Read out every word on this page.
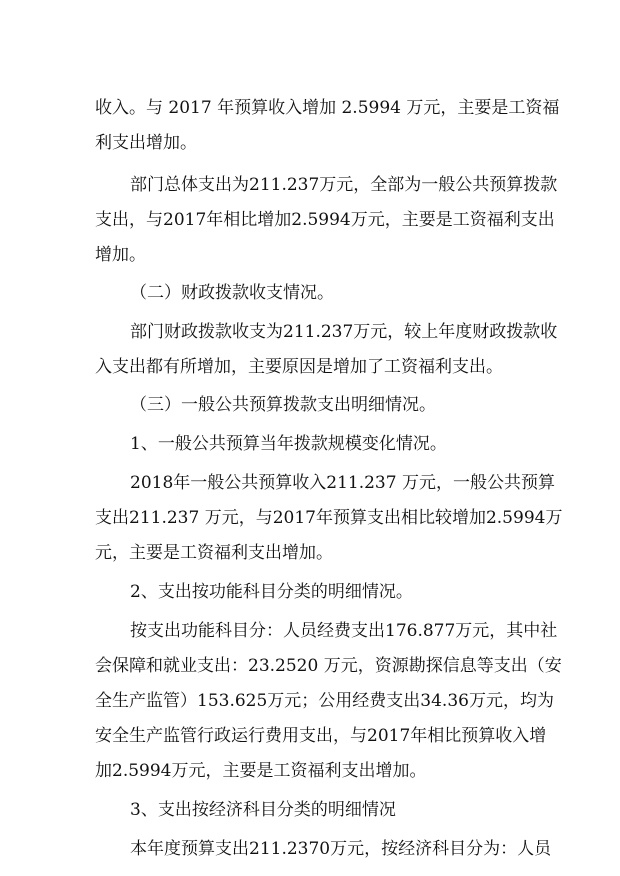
收入。与 2017 年预算收入增加 2.5994 万元，主要是工资福
利支出增加。
部门总体支出为211.237万元，全部为一般公共预算拨款
支出，与2017年相比增加2.5994万元，主要是工资福利支出
增加。
（二）财政拨款收支情况。
部门财政拨款收支为211.237万元，较上年度财政拨款收
入支出都有所增加，主要原因是增加了工资福利支出。
（三）一般公共预算拨款支出明细情况。
1、一般公共预算当年拨款规模变化情况。
2018年一般公共预算收入211.237 万元，一般公共预算
支出211.237 万元，与2017年预算支出相比较增加2.5994万
元，主要是工资福利支出增加。
2、支出按功能科目分类的明细情况。
按支出功能科目分：人员经费支出176.877万元，其中社
会保障和就业支出：23.2520 万元，资源勘探信息等支出（安
全生产监管）153.625万元；公用经费支出34.36万元，均为
安全生产监管行政运行费用支出，与2017年相比预算收入增
加2.5994万元，主要是工资福利支出增加。
3、支出按经济科目分类的明细情况
本年度预算支出211.2370万元，按经济科目分为：人员
